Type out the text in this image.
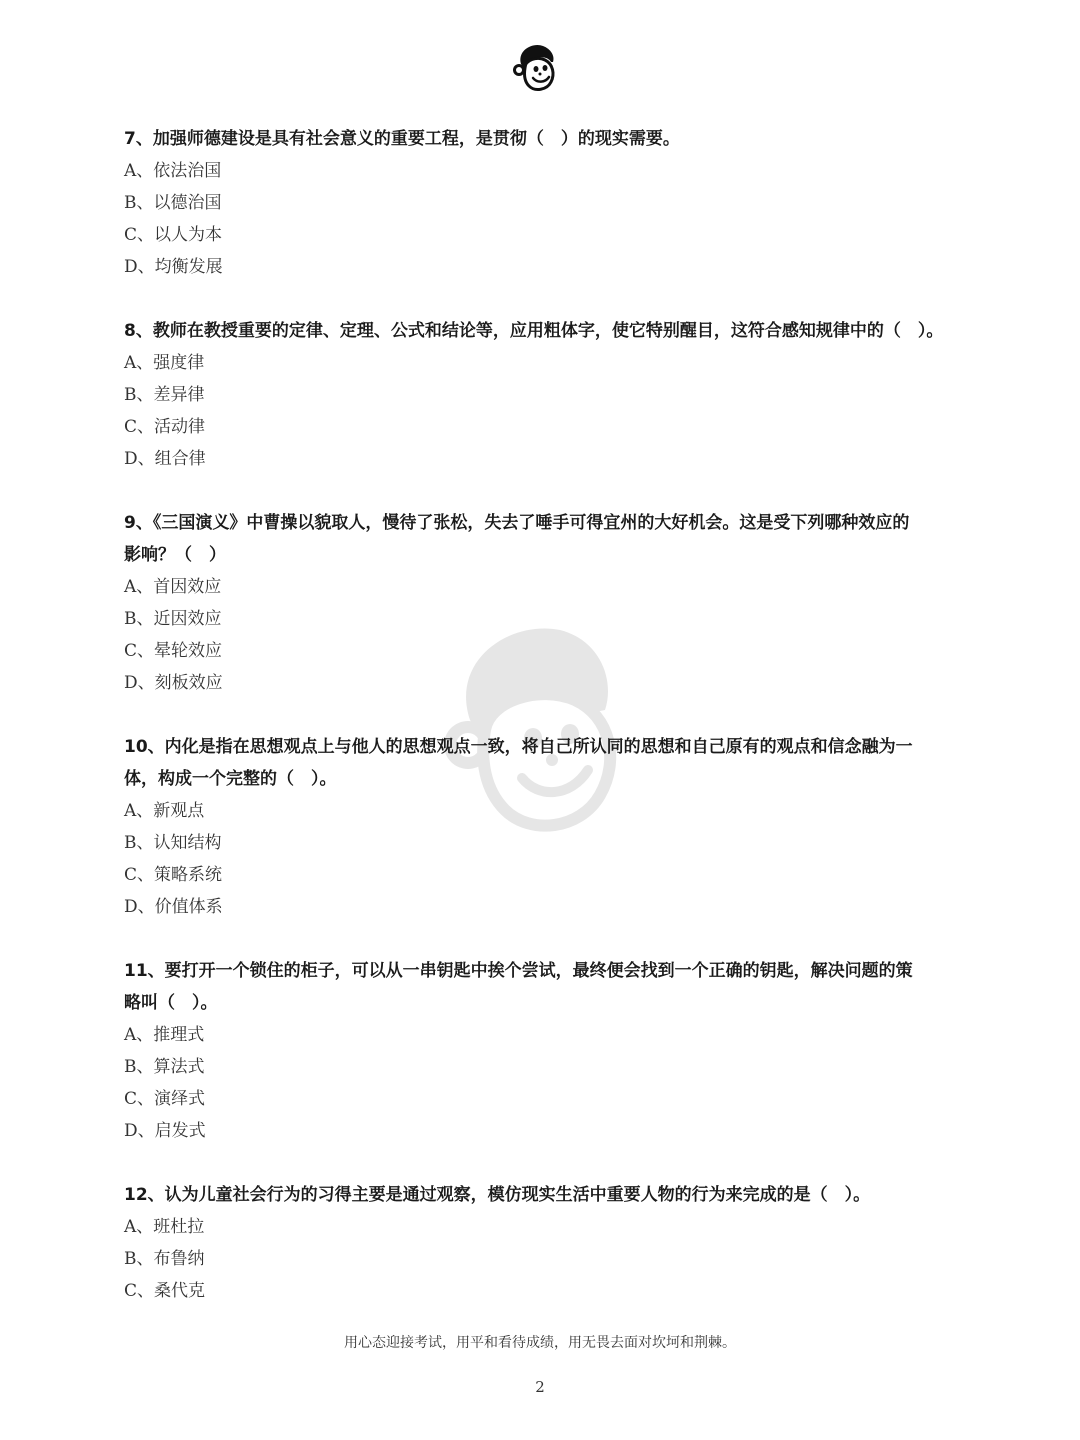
7、加强师德建设是具有社会意义的重要工程，是贯彻（　）的现实需要。
A、依法治国
B、以德治国
C、以人为本
D、均衡发展
8、教师在教授重要的定律、定理、公式和结论等，应用粗体字，使它特别醒目，这符合感知规律中的（　）。
A、强度律
B、差异律
C、活动律
D、组合律
9、《三国演义》中曹操以貌取人，慢待了张松，失去了唾手可得宜州的大好机会。这是受下列哪种效应的
影响？（　）
A、首因效应
B、近因效应
C、晕轮效应
D、刻板效应
10、内化是指在思想观点上与他人的思想观点一致，将自己所认同的思想和自己原有的观点和信念融为一
体，构成一个完整的（　）。
A、新观点
B、认知结构
C、策略系统
D、价值体系
11、要打开一个锁住的柜子，可以从一串钥匙中挨个尝试，最终便会找到一个正确的钥匙，解决问题的策
略叫（　）。
A、推理式
B、算法式
C、演绎式
D、启发式
12、认为儿童社会行为的习得主要是通过观察，模仿现实生活中重要人物的行为来完成的是（　）。
A、班杜拉
B、布鲁纳
C、桑代克
用心态迎接考试，用平和看待成绩，用无畏去面对坎坷和荆棘。
2
